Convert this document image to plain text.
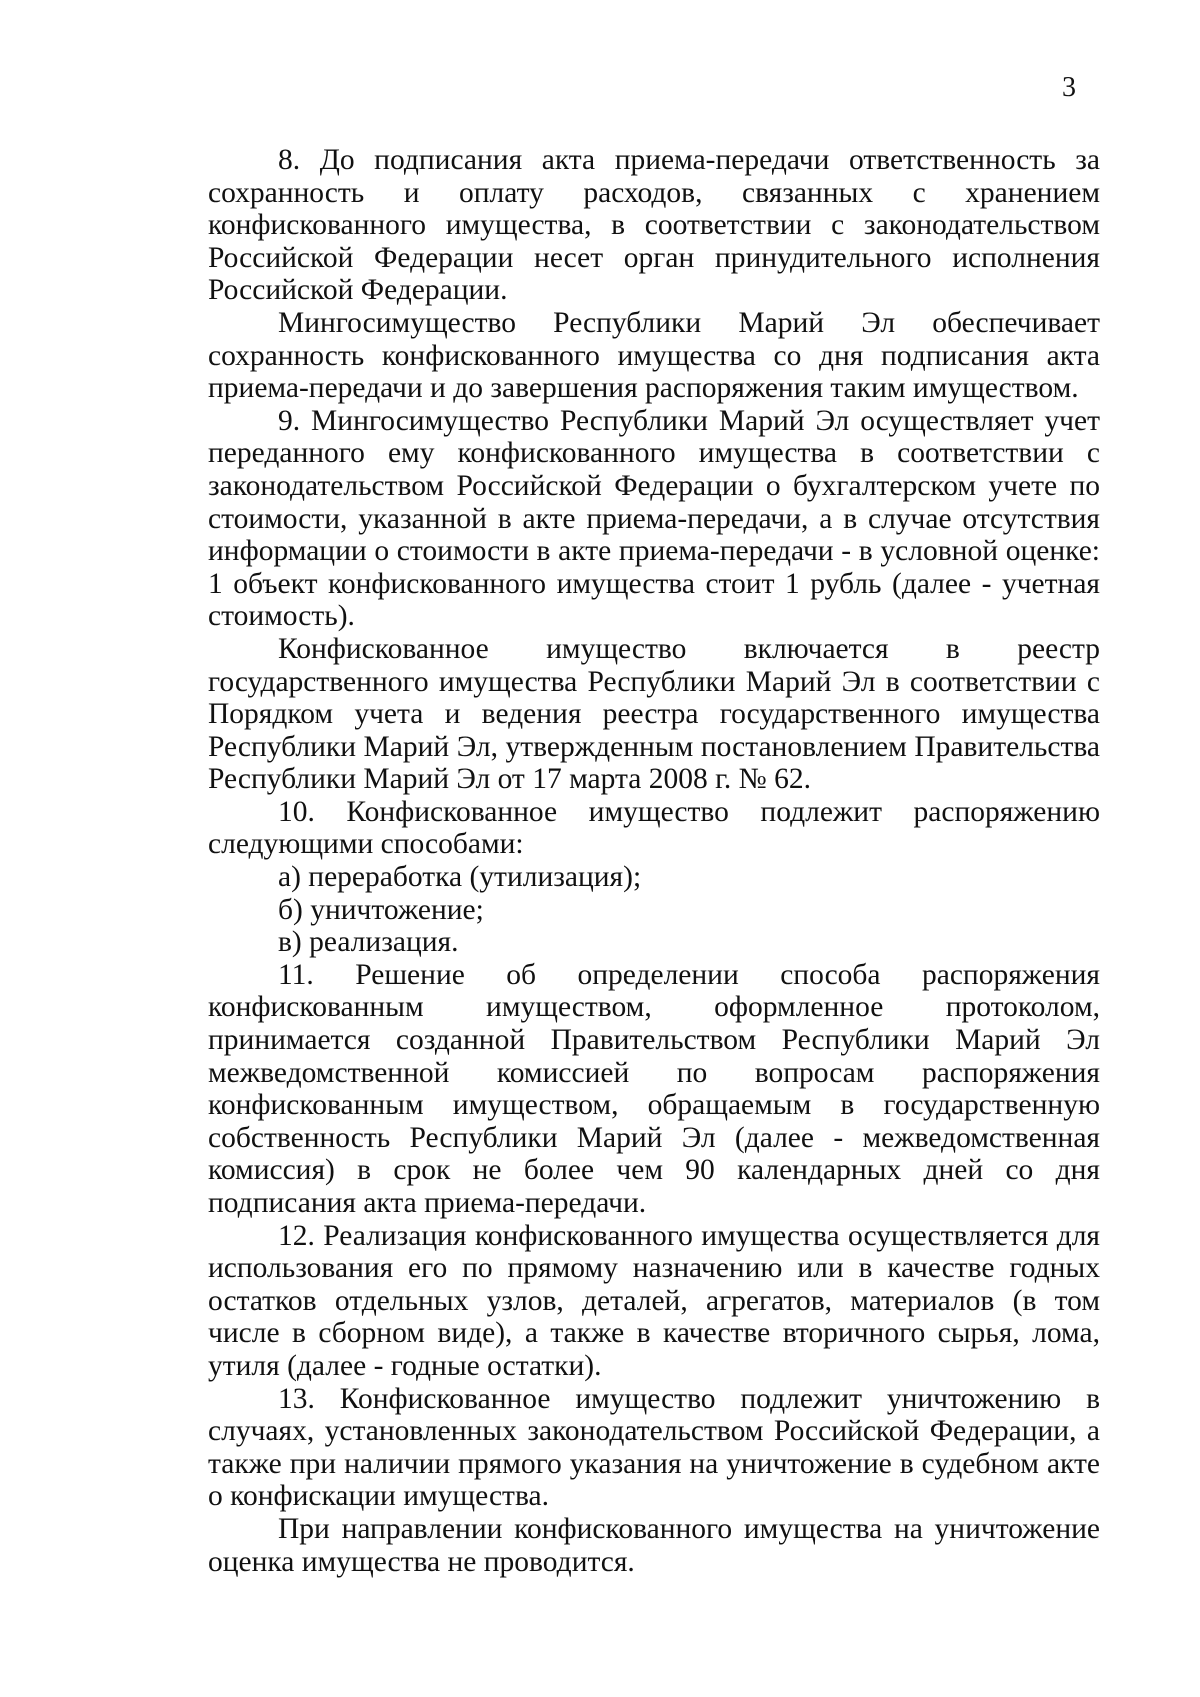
3

8. До подписания акта приема-передачи ответственность за сохранность и оплату расходов, связанных с хранением конфискованного имущества, в соответствии с законодательством Российской Федерации несет орган принудительного исполнения Российской Федерации.

Мингосимущество Республики Марий Эл обеспечивает сохранность конфискованного имущества со дня подписания акта приема-передачи и до завершения распоряжения таким имуществом.

9. Мингосимущество Республики Марий Эл осуществляет учет переданного ему конфискованного имущества в соответствии с законодательством Российской Федерации о бухгалтерском учете по стоимости, указанной в акте приема-передачи, а в случае отсутствия информации о стоимости в акте приема-передачи - в условной оценке: 1 объект конфискованного имущества стоит 1 рубль (далее - учетная стоимость).

Конфискованное имущество включается в реестр государственного имущества Республики Марий Эл в соответствии с Порядком учета и ведения реестра государственного имущества Республики Марий Эл, утвержденным постановлением Правительства Республики Марий Эл от 17 марта 2008 г. № 62.

10. Конфискованное имущество подлежит распоряжению следующими способами:

а) переработка (утилизация);

б) уничтожение;

в) реализация.

11. Решение об определении способа распоряжения конфискованным имуществом, оформленное протоколом, принимается созданной Правительством Республики Марий Эл межведомственной комиссией по вопросам распоряжения конфискованным имуществом, обращаемым в государственную собственность Республики Марий Эл (далее - межведомственная комиссия) в срок не более чем 90 календарных дней со дня подписания акта приема-передачи.

12. Реализация конфискованного имущества осуществляется для использования его по прямому назначению или в качестве годных остатков отдельных узлов, деталей, агрегатов, материалов (в том числе в сборном виде), а также в качестве вторичного сырья, лома, утиля (далее - годные остатки).

13. Конфискованное имущество подлежит уничтожению в случаях, установленных законодательством Российской Федерации, а также при наличии прямого указания на уничтожение в судебном акте о конфискации имущества.

При направлении конфискованного имущества на уничтожение оценка имущества не проводится.
